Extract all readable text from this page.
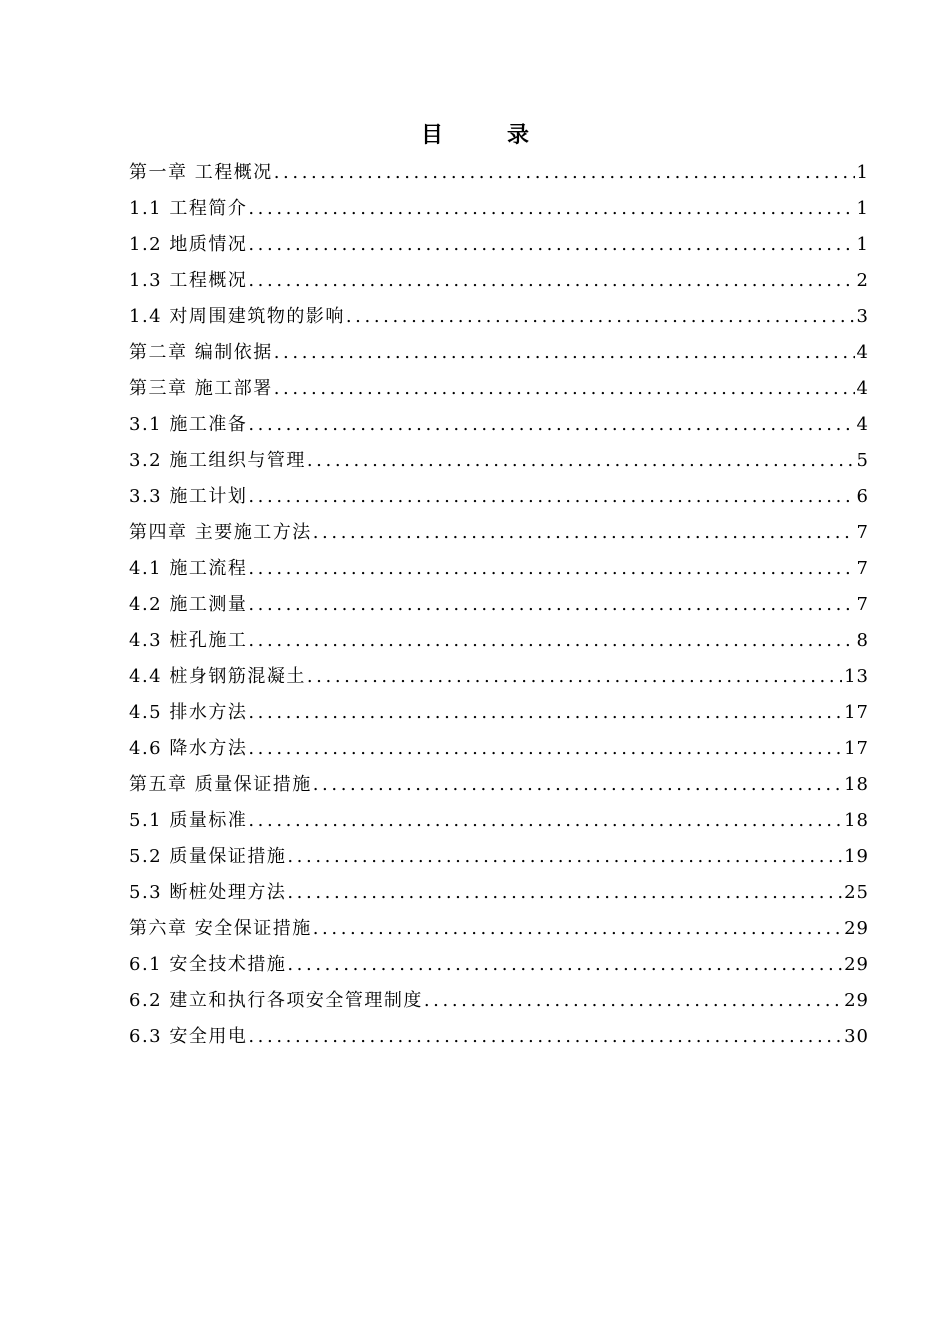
目	录
第一章 工程概况 .....	1
1.1 工程简介 .....	1
1.2 地质情况 .....	1
1.3 工程概况 .....	2
1.4 对周围建筑物的影响 .....	3
第二章 编制依据 .....	4
第三章 施工部署 .....	4
3.1 施工准备 .....	4
3.2 施工组织与管理 .....	5
3.3 施工计划 .....	6
第四章 主要施工方法 .....	7
4.1 施工流程 .....	7
4.2 施工测量 .....	7
4.3 桩孔施工 .....	8
4.4 桩身钢筋混凝土 .....	13
4.5 排水方法 .....	17
4.6 降水方法 .....	17
第五章 质量保证措施 .....	18
5.1 质量标准 .....	18
5.2 质量保证措施 .....	19
5.3 断桩处理方法 .....	25
第六章 安全保证措施 .....	29
6.1 安全技术措施 .....	29
6.2 建立和执行各项安全管理制度 .....	29
6.3 安全用电 .....	30
